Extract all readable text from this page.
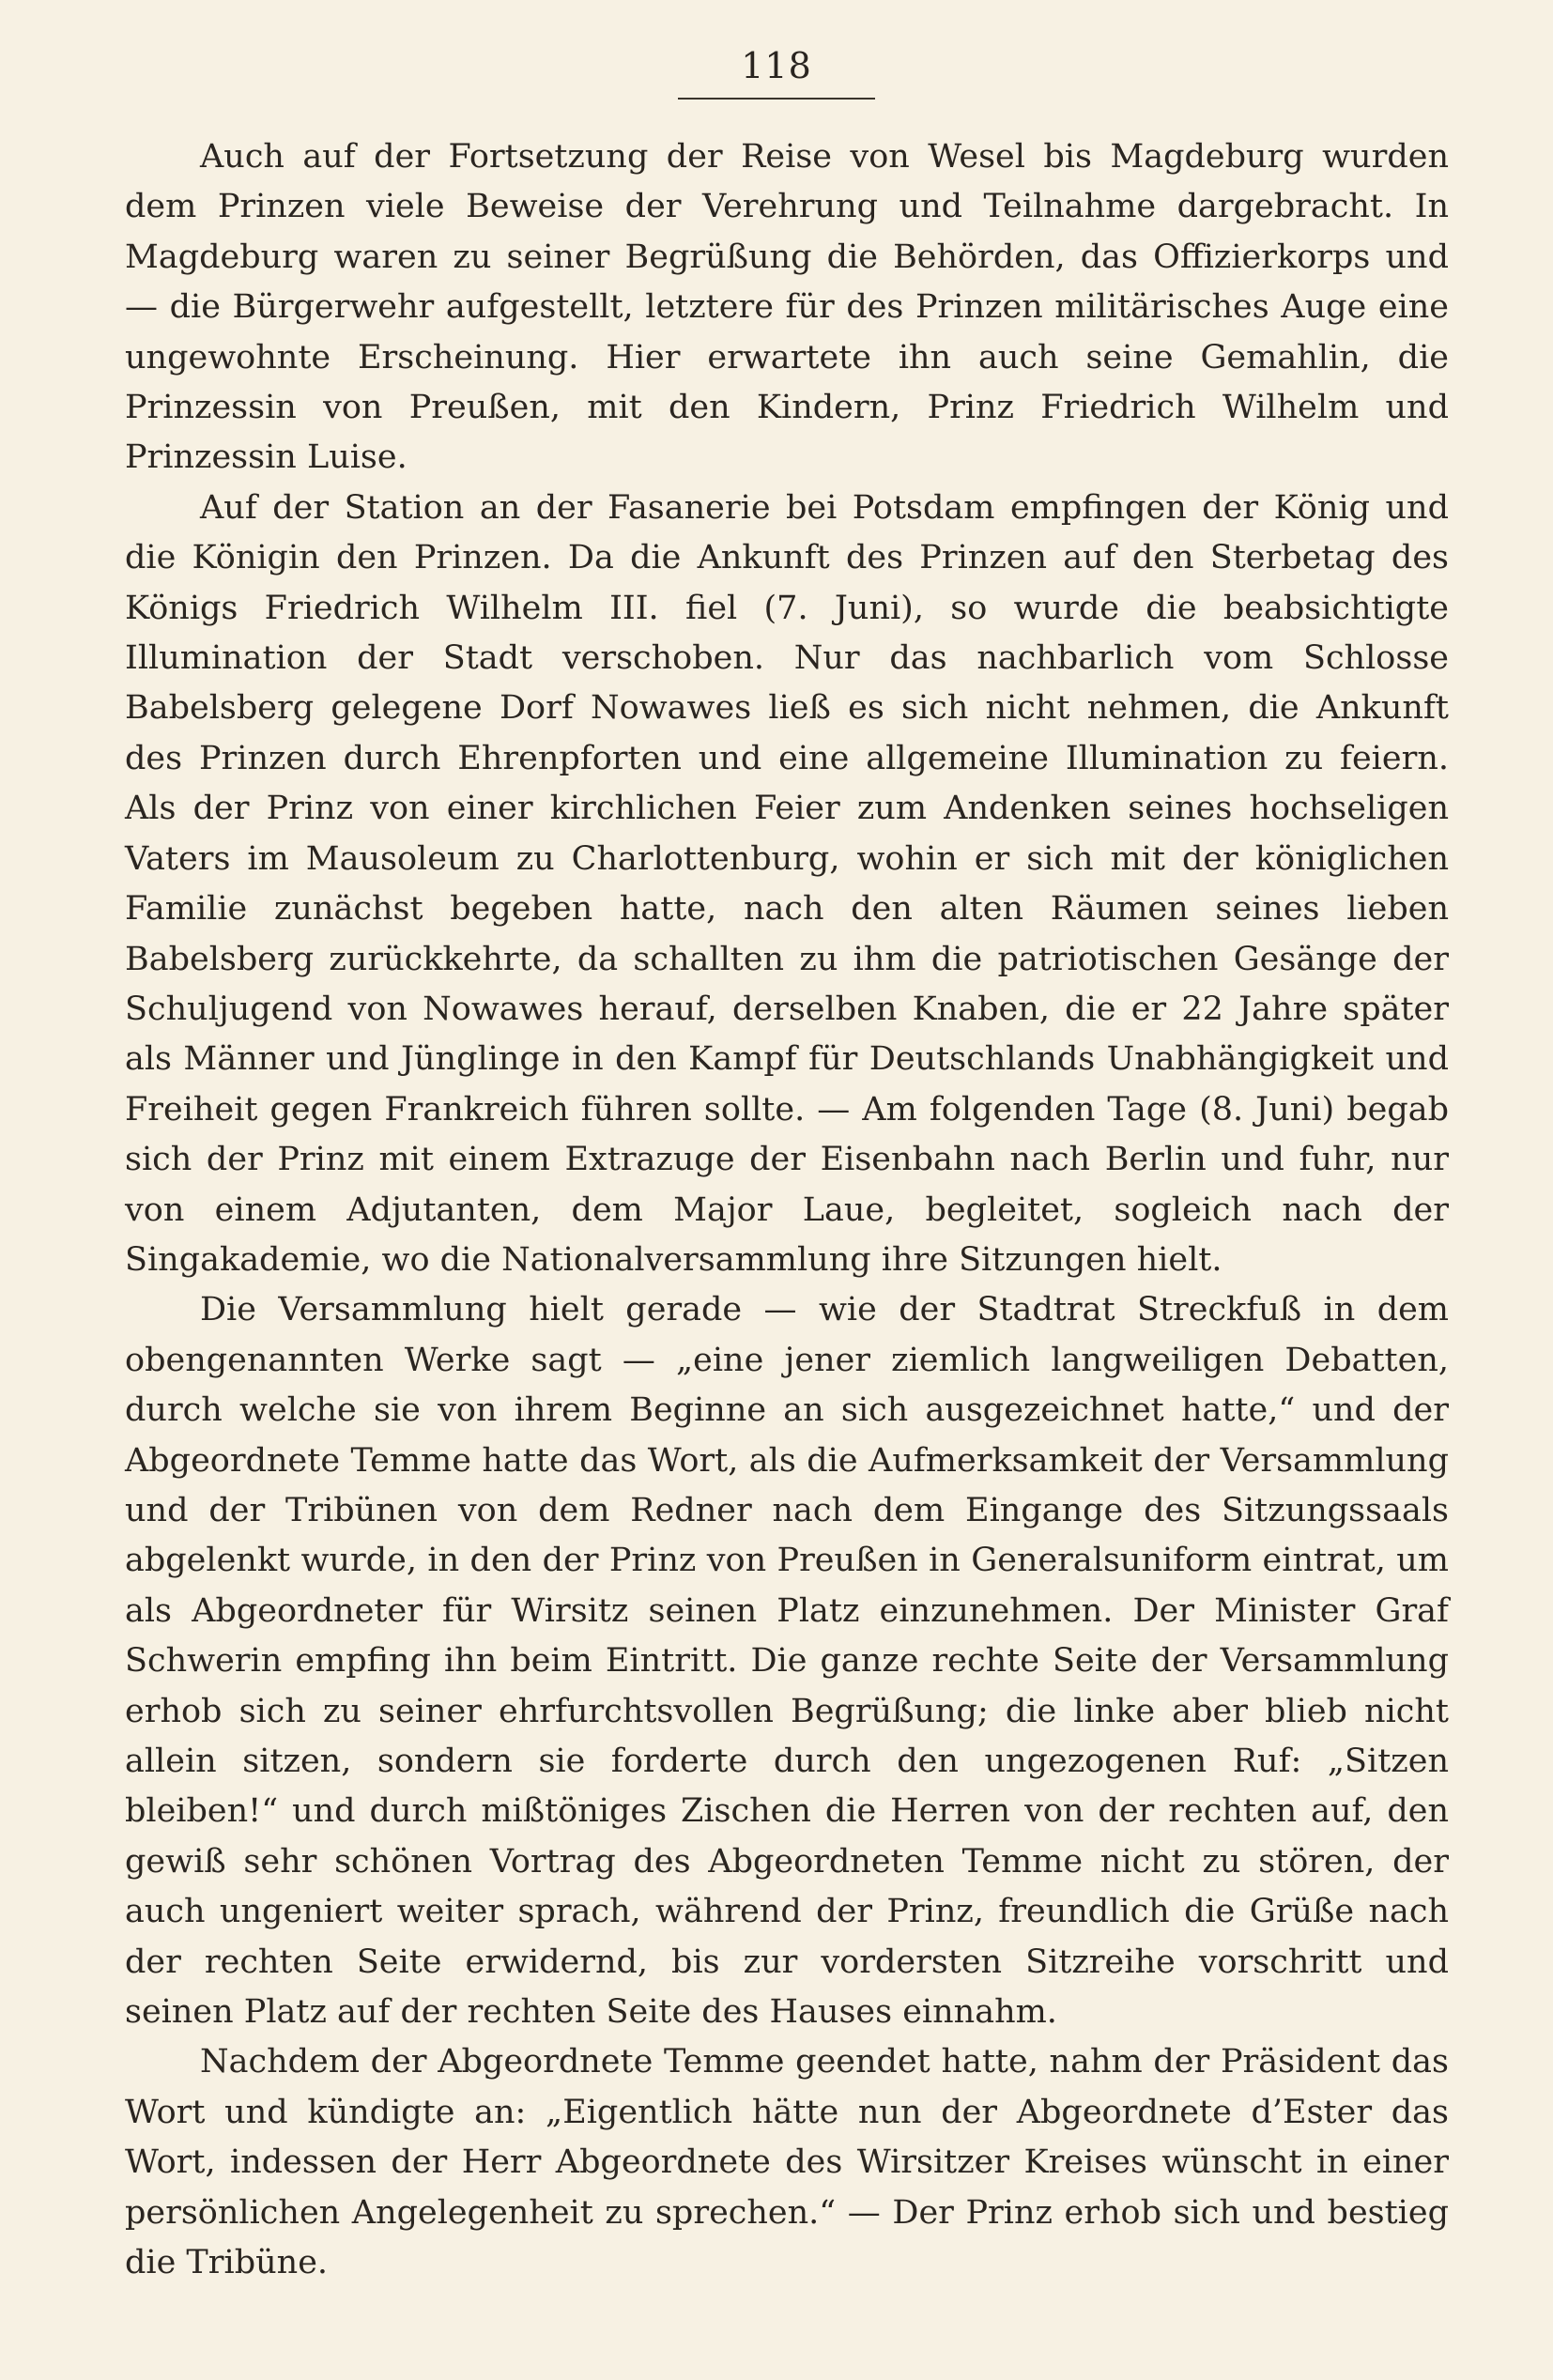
118

Auch auf der Fortsetzung der Reise von Wesel bis Magdeburg wurden dem Prinzen viele Beweise der Verehrung und Teilnahme dargebracht. In Magdeburg waren zu seiner Begrüßung die Behörden, das Offizierkorps und — die Bürgerwehr aufgestellt, letztere für des Prinzen militärisches Auge eine ungewohnte Erscheinung. Hier erwartete ihn auch seine Gemahlin, die Prinzessin von Preußen, mit den Kindern, Prinz Friedrich Wilhelm und Prinzessin Luise.

Auf der Station an der Fasanerie bei Potsdam empfingen der König und die Königin den Prinzen. Da die Ankunft des Prinzen auf den Sterbetag des Königs Friedrich Wilhelm III. fiel (7. Juni), so wurde die beabsichtigte Illumination der Stadt verschoben. Nur das nachbarlich vom Schlosse Babelsberg gelegene Dorf Nowawes ließ es sich nicht nehmen, die Ankunft des Prinzen durch Ehrenpforten und eine allgemeine Illumination zu feiern. Als der Prinz von einer kirchlichen Feier zum Andenken seines hochseligen Vaters im Mausoleum zu Charlottenburg, wohin er sich mit der königlichen Familie zunächst begeben hatte, nach den alten Räumen seines lieben Babelsberg zurückkehrte, da schallten zu ihm die patriotischen Gesänge der Schuljugend von Nowawes herauf, derselben Knaben, die er 22 Jahre später als Männer und Jünglinge in den Kampf für Deutschlands Unabhängigkeit und Freiheit gegen Frankreich führen sollte. — Am folgenden Tage (8. Juni) begab sich der Prinz mit einem Extrazuge der Eisenbahn nach Berlin und fuhr, nur von einem Adjutanten, dem Major Laue, begleitet, sogleich nach der Singakademie, wo die Nationalversammlung ihre Sitzungen hielt.

Die Versammlung hielt gerade — wie der Stadtrat Streckfuß in dem obengenannten Werke sagt — „eine jener ziemlich langweiligen Debatten, durch welche sie von ihrem Beginne an sich ausgezeichnet hatte,“ und der Abgeordnete Temme hatte das Wort, als die Aufmerksamkeit der Versammlung und der Tribünen von dem Redner nach dem Eingange des Sitzungssaals abgelenkt wurde, in den der Prinz von Preußen in Generalsuniform eintrat, um als Abgeordneter für Wirsitz seinen Platz einzunehmen. Der Minister Graf Schwerin empfing ihn beim Eintritt. Die ganze rechte Seite der Versammlung erhob sich zu seiner ehrfurchtsvollen Begrüßung; die linke aber blieb nicht allein sitzen, sondern sie forderte durch den ungezogenen Ruf: „Sitzen bleiben!“ und durch mißtöniges Zischen die Herren von der rechten auf, den gewiß sehr schönen Vortrag des Abgeordneten Temme nicht zu stören, der auch ungeniert weiter sprach, während der Prinz, freundlich die Grüße nach der rechten Seite erwidernd, bis zur vordersten Sitzreihe vorschritt und seinen Platz auf der rechten Seite des Hauses einnahm.

Nachdem der Abgeordnete Temme geendet hatte, nahm der Präsident das Wort und kündigte an: „Eigentlich hätte nun der Abgeordnete d’Ester das Wort, indessen der Herr Abgeordnete des Wirsitzer Kreises wünscht in einer persönlichen Angelegenheit zu sprechen.“ — Der Prinz erhob sich und bestieg die Tribüne.
